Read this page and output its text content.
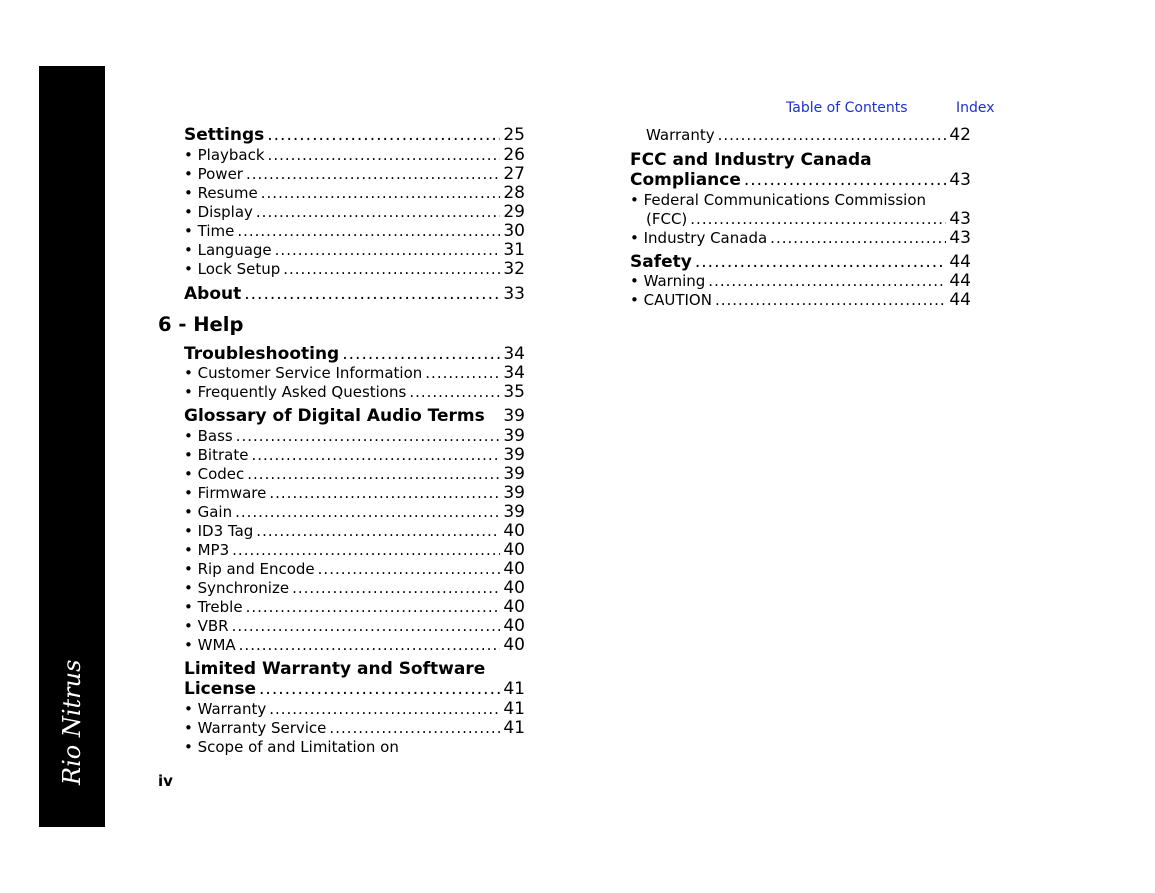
Rio Nitrus
Table of Contents	Index
Settings .....	25
• Playback .....	26
• Power .....	27
• Resume .....	28
• Display .....	29
• Time .....	30
• Language .....	31
• Lock Setup .....	32
About .....	33
6 - Help
Troubleshooting .....	34
• Customer Service Information .....	34
• Frequently Asked Questions .....	35
Glossary of Digital Audio Terms 39
• Bass .....	39
• Bitrate .....	39
• Codec .....	39
• Firmware .....	39
• Gain .....	39
• ID3 Tag .....	40
• MP3 .....	40
• Rip and Encode .....	40
• Synchronize .....	40
• Treble .....	40
• VBR .....	40
• WMA .....	40
Limited Warranty and Software
License .....	41
• Warranty .....	41
• Warranty Service .....	41
• Scope of and Limitation on
Warranty .....	42
FCC and Industry Canada
Compliance .....	43
• Federal Communications Commission
(FCC) .....	43
• Industry Canada .....	43
Safety .....	44
• Warning .....	44
• CAUTION .....	44
iv
